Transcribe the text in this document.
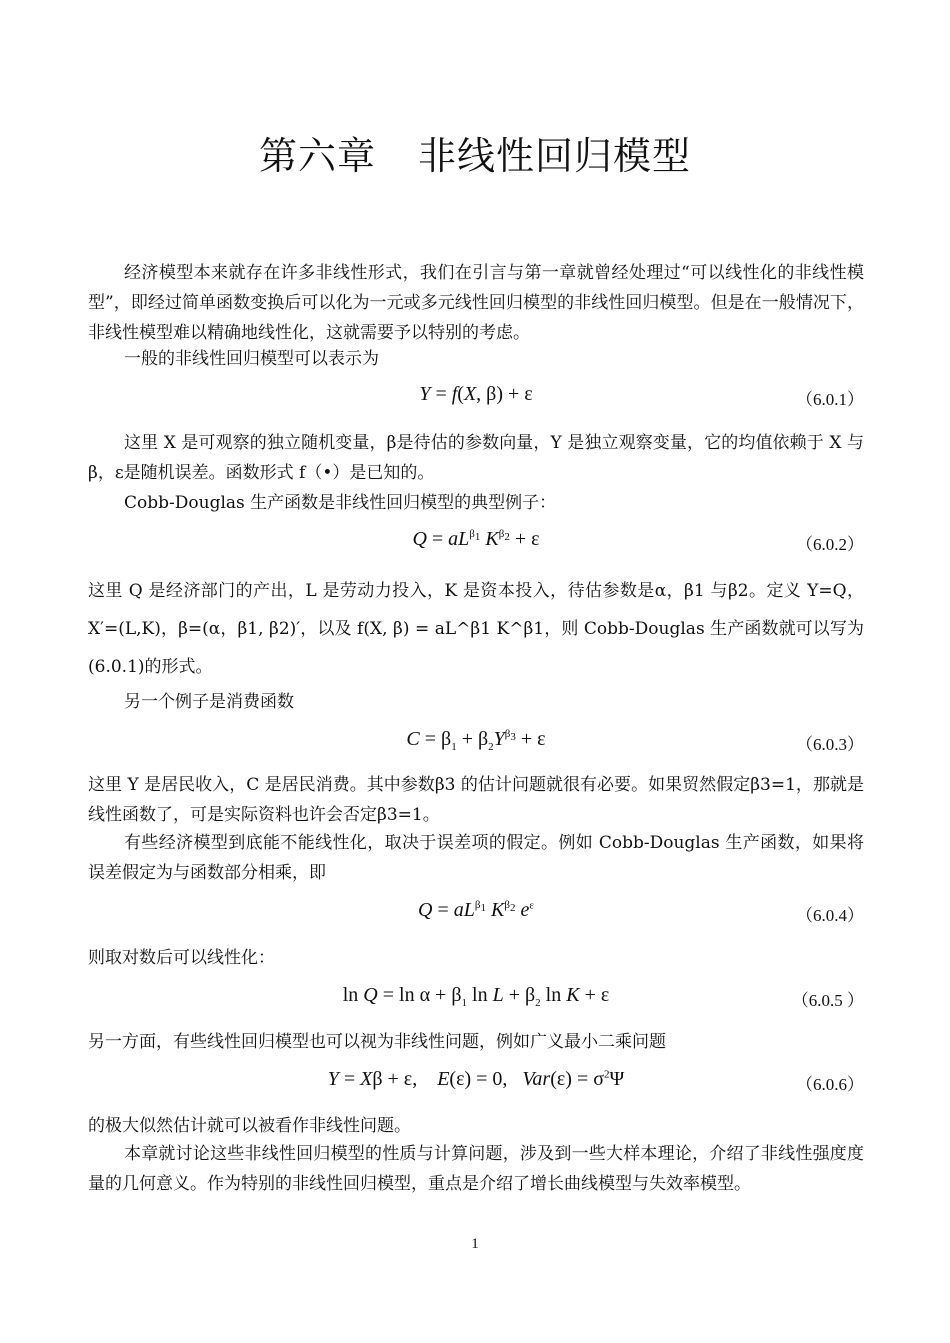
第六章 非线性回归模型

经济模型本来就存在许多非线性形式，我们在引言与第一章就曾经处理过“可以线性化的非线性模型”，即经过简单函数变换后可以化为一元或多元线性回归模型的非线性回归模型。但是在一般情况下，非线性模型难以精确地线性化，这就需要予以特别的考虑。

一般的非线性回归模型可以表示为

Y = f(X, β) + ε	（6.0.1）

这里 X 是可观察的独立随机变量，β是待估的参数向量，Y 是独立观察变量，它的均值依赖于 X 与β，ε是随机误差。函数形式 f（•）是已知的。

Cobb-Douglas 生产函数是非线性回归模型的典型例子：

$Q = aL^{\beta_1}$ $K^{\beta_2} + \varepsilon$	（6.0.2）

这里 Q 是经济部门的产出，L 是劳动力投入，K 是资本投入，待估参数是α，β1 与β2。定义 Y=Q，X′=(L,K)，β=(α，β1, β2)′，以及 f(X, β) = aL^β1 K^β1，则 Cobb-Douglas 生产函数就可以写为(6.0.1)的形式。

另一个例子是消费函数

$C = \beta_1 + \beta_2Y^{\beta_3} + \varepsilon$	（6.0.3）

这里 Y 是居民收入，C 是居民消费。其中参数β3 的估计问题就很有必要。如果贸然假定β3=1，那就是线性函数了，可是实际资料也许会否定β3=1。

有些经济模型到底能不能线性化，取决于误差项的假定。例如 Cobb-Douglas 生产函数，如果将误差假定为与函数部分相乘，即

$Q = aL^{\beta_1}$ $K^{\beta_2}$ $e^\varepsilon$
（6.0.4）

则取对数后可以线性化：

$\ln Q = \ln \alpha + \beta_1$ $\ln L + \beta_2$ ln K + ε	（6.0.5 ）

另一方面，有些线性回归模型也可以视为非线性问题，例如广义最小二乘问题

Y = Xβ + ε,    E(ε) = 0,   $Var(\varepsilon) = \sigma^2\Psi$	（6.0.6）

的极大似然估计就可以被看作非线性问题。

本章就讨论这些非线性回归模型的性质与计算问题，涉及到一些大样本理论，介绍了非线性强度度量的几何意义。作为特别的非线性回归模型，重点是介绍了增长曲线模型与失效率模型。

1
